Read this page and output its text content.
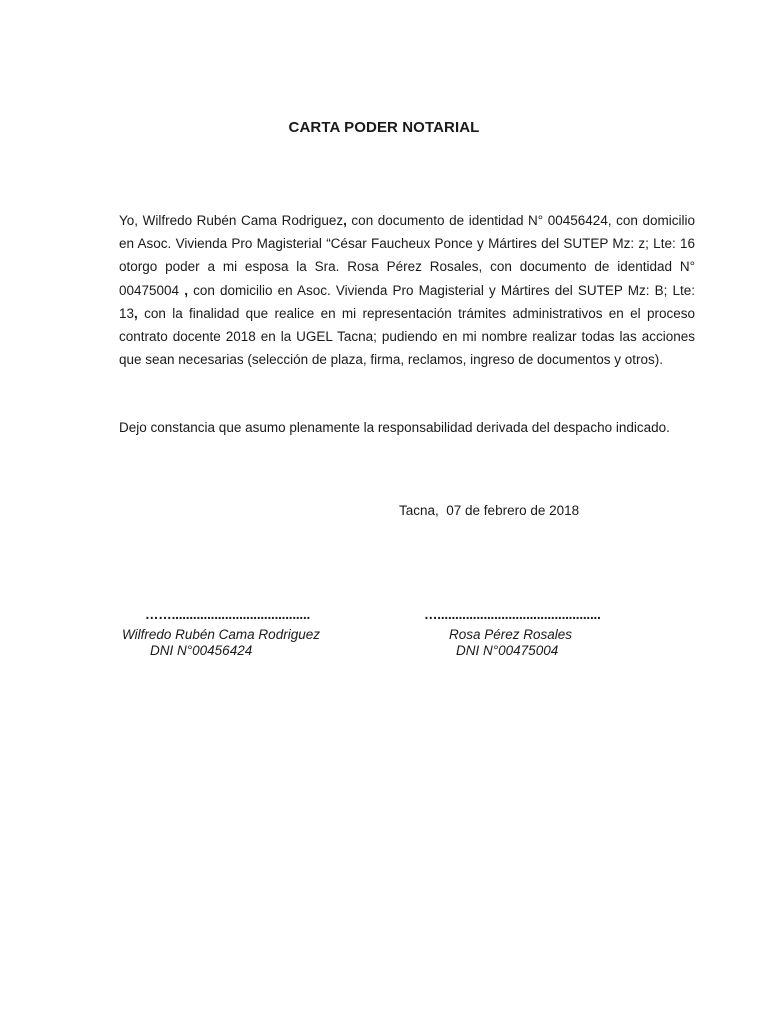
CARTA PODER NOTARIAL

Yo, Wilfredo Rubén Cama Rodriguez, con documento de identidad N° 00456424, con domicilio en Asoc. Vivienda Pro Magisterial “César Faucheux Ponce y Mártires del SUTEP Mz: z; Lte: 16 otorgo poder a mi esposa la Sra. Rosa Pérez Rosales, con documento de identidad N° 00475004 , con domicilio en Asoc. Vivienda Pro Magisterial y Mártires del SUTEP Mz: B; Lte: 13, con la finalidad que realice en mi representación trámites administrativos en el proceso contrato docente 2018 en la UGEL Tacna; pudiendo en mi nombre realizar todas las acciones que sean necesarias (selección de plaza, firma, reclamos, ingreso de documentos y otros).

Dejo constancia que asumo plenamente la responsabilidad derivada del despacho indicado.

Tacna,  07 de febrero de 2018
…….......................................
Wilfredo Rubén Cama Rodriguez
DNI N°00456424
…..............................................
Rosa Pérez Rosales
DNI N°00475004
